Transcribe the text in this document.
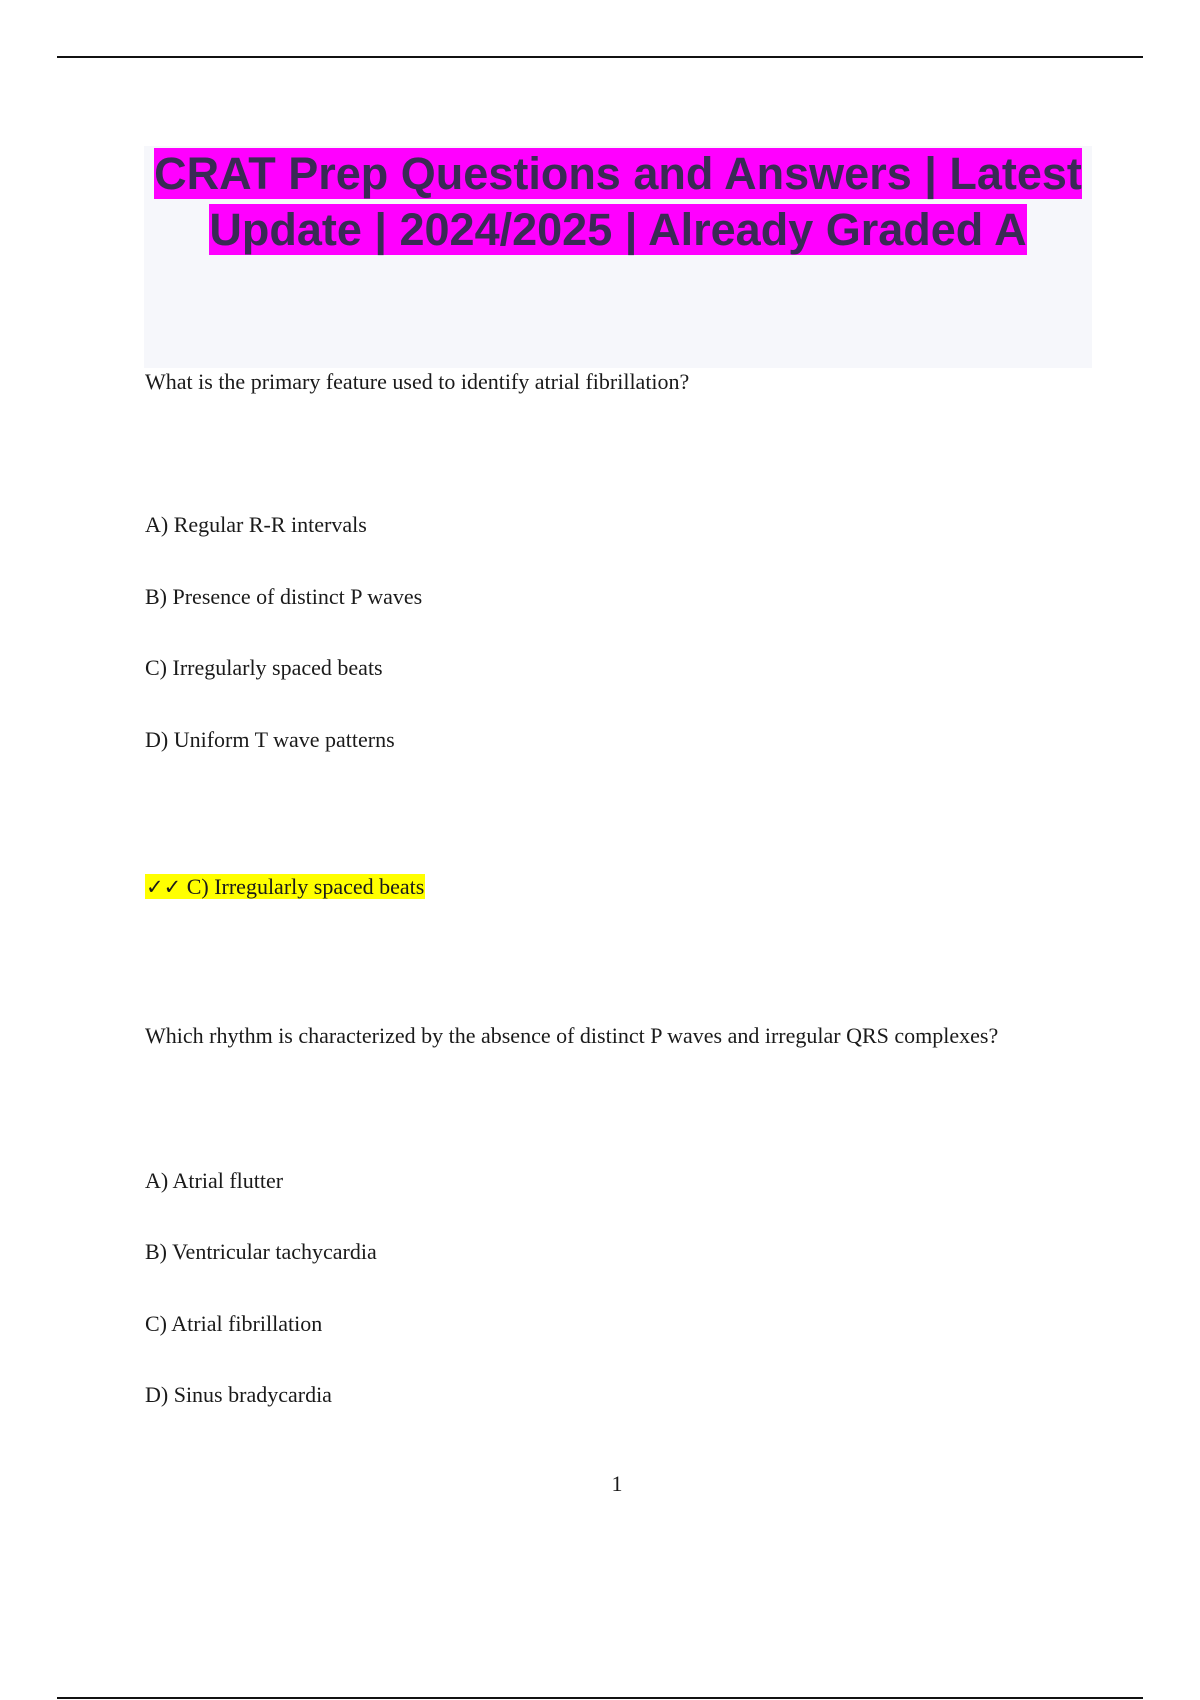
CRAT Prep Questions and Answers | Latest Update | 2024/2025 | Already Graded A

What is the primary feature used to identify atrial fibrillation?

A) Regular R-R intervals

B) Presence of distinct P waves

C) Irregularly spaced beats

D) Uniform T wave patterns

✓✓ C) Irregularly spaced beats

Which rhythm is characterized by the absence of distinct P waves and irregular QRS complexes?

A) Atrial flutter

B) Ventricular tachycardia

C) Atrial fibrillation

D) Sinus bradycardia

1
